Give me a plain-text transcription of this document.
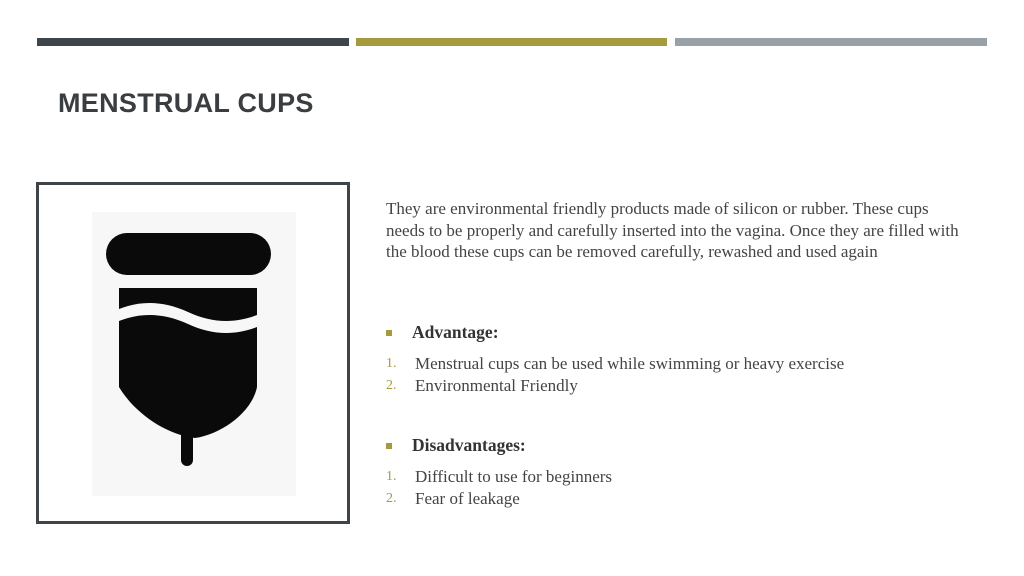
MENSTRUAL CUPS

They are environmental friendly products made of silicon or rubber. These cups needs to be properly and carefully inserted into the vagina. Once they are filled with the blood these cups can be removed carefully, rewashed and used again

Advantage:
1.	Menstrual cups can be used while swimming or heavy exercise
2.	Environmental Friendly
Disadvantages:
1.	Difficult to use for beginners
2.	Fear of leakage
